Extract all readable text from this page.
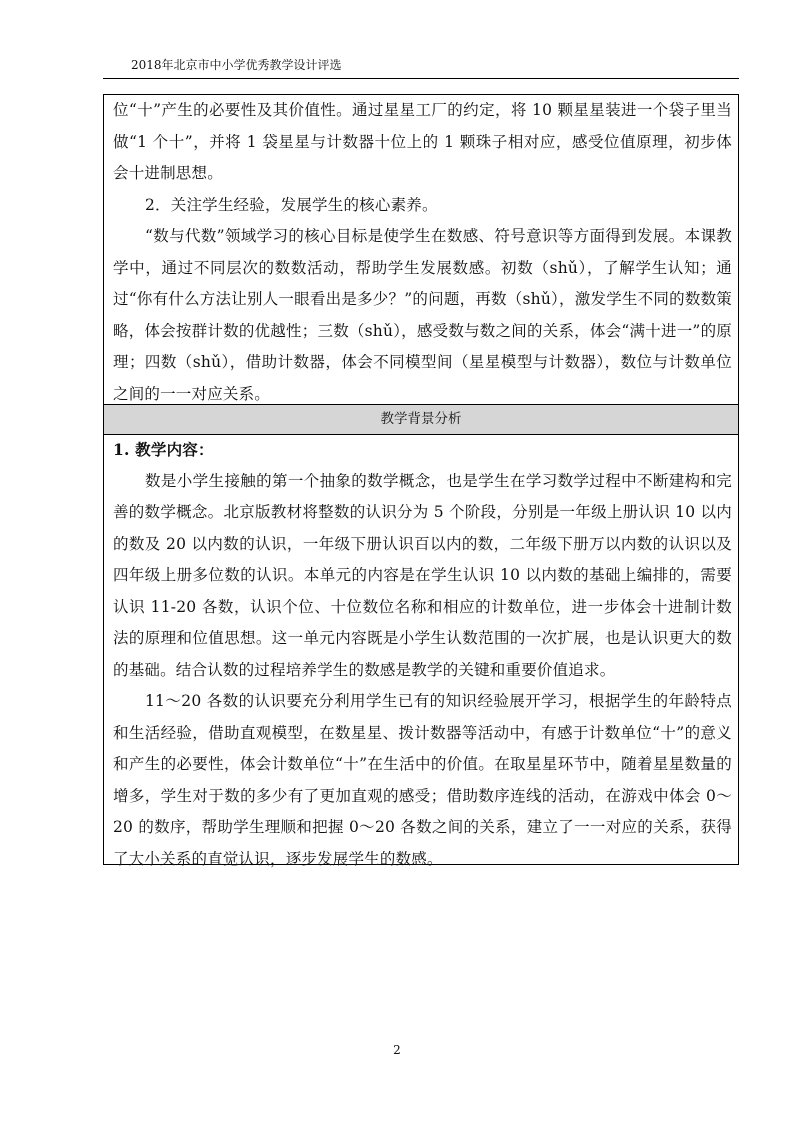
2018年北京市中小学优秀教学设计评选

位“十”产生的必要性及其价值性。通过星星工厂的约定，将 10 颗星星装进一个袋子里当做“1 个十”，并将 1 袋星星与计数器十位上的 1 颗珠子相对应，感受位值原理，初步体会十进制思想。

2．关注学生经验，发展学生的核心素养。

“数与代数”领域学习的核心目标是使学生在数感、符号意识等方面得到发展。本课教学中，通过不同层次的数数活动，帮助学生发展数感。初数（shǔ），了解学生认知；通过“你有什么方法让别人一眼看出是多少？”的问题，再数（shǔ），激发学生不同的数数策略，体会按群计数的优越性；三数（shǔ），感受数与数之间的关系，体会“满十进一”的原理；四数（shǔ），借助计数器，体会不同模型间（星星模型与计数器），数位与计数单位之间的一一对应关系。

教学背景分析

1. 教学内容：

数是小学生接触的第一个抽象的数学概念，也是学生在学习数学过程中不断建构和完善的数学概念。北京版教材将整数的认识分为 5 个阶段，分别是一年级上册认识 10 以内的数及 20 以内数的认识，一年级下册认识百以内的数，二年级下册万以内数的认识以及四年级上册多位数的认识。本单元的内容是在学生认识 10 以内数的基础上编排的，需要认识 11-20 各数，认识个位、十位数位名称和相应的计数单位，进一步体会十进制计数法的原理和位值思想。这一单元内容既是小学生认数范围的一次扩展，也是认识更大的数的基础。结合认数的过程培养学生的数感是教学的关键和重要价值追求。

11～20 各数的认识要充分利用学生已有的知识经验展开学习，根据学生的年龄特点和生活经验，借助直观模型，在数星星、拨计数器等活动中，有感于计数单位“十”的意义和产生的必要性，体会计数单位“十”在生活中的价值。在取星星环节中，随着星星数量的增多，学生对于数的多少有了更加直观的感受；借助数序连线的活动，在游戏中体会 0～20 的数序，帮助学生理顺和把握 0～20 各数之间的关系，建立了一一对应的关系，获得了大小关系的直觉认识，逐步发展学生的数感。

2
